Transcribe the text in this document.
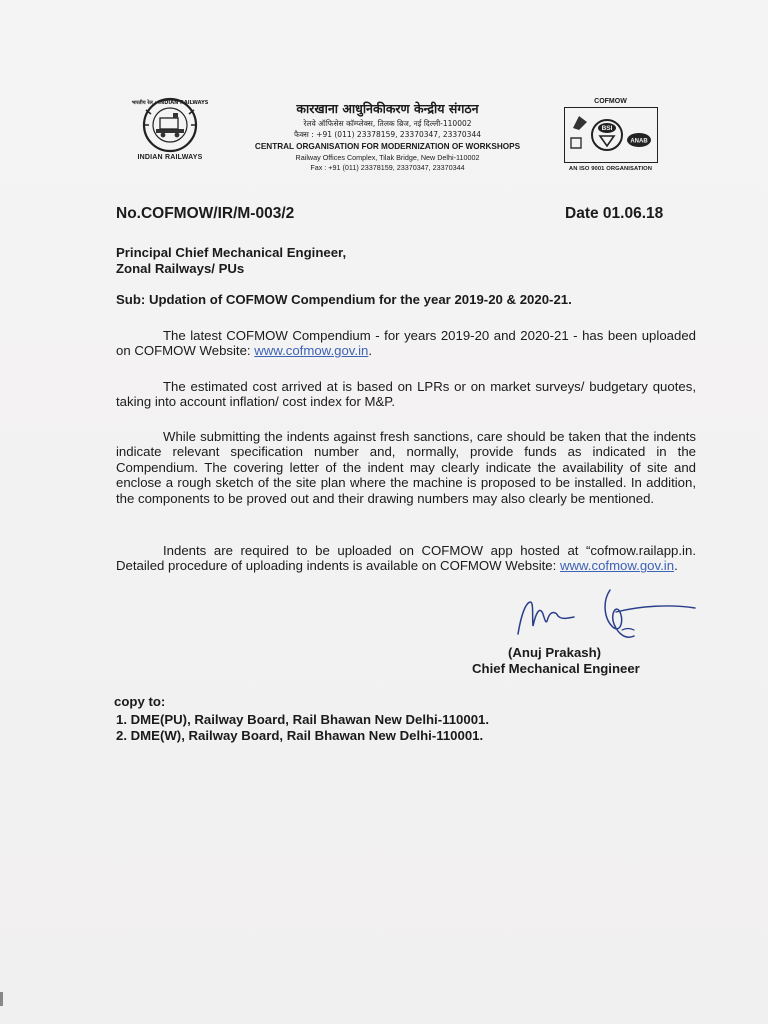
भारतीय रेल · INDIAN RAILWAYS
INDIAN RAILWAYS
कारखाना आधुनिकीकरण केन्द्रीय संगठन
रेलवे ऑफिसेस कॉम्प्लेक्स, तिलक ब्रिज, नई दिल्ली-110002
फैक्स : +91 (011) 23378159, 23370347, 23370344
CENTRAL ORGANISATION FOR MODERNIZATION OF WORKSHOPS
Railway Offices Complex, Tilak Bridge, New Delhi-110002
Fax : +91 (011) 23378159, 23370347, 23370344
COFMOW
BSI
ANAB
AN ISO 9001 ORGANISATION
No.COFMOW/IR/M-003/2	Date 01.06.18
Principal Chief Mechanical Engineer,
Zonal Railways/ PUs
Sub: Updation of COFMOW Compendium for the year 2019-20 & 2020-21.
The latest COFMOW Compendium - for years 2019-20 and 2020-21 - has been uploaded on COFMOW Website: www.cofmow.gov.in.
The estimated cost arrived at is based on LPRs or on market surveys/ budgetary quotes, taking into account inflation/ cost index for M&P.
While submitting the indents against fresh sanctions, care should be taken that the indents indicate relevant specification number and, normally, provide funds as indicated in the Compendium. The covering letter of the indent may clearly indicate the availability of site and enclose a rough sketch of the site plan where the machine is proposed to be installed. In addition, the components to be proved out and their drawing numbers may also clearly be mentioned.
Indents are required to be uploaded on COFMOW app hosted at “cofmow.railapp.in. Detailed procedure of uploading indents is available on COFMOW Website: www.cofmow.gov.in.
(Anuj Prakash)
Chief Mechanical Engineer
copy to:
1. DME(PU), Railway Board, Rail Bhawan New Delhi-110001.
2. DME(W), Railway Board, Rail Bhawan New Delhi-110001.
